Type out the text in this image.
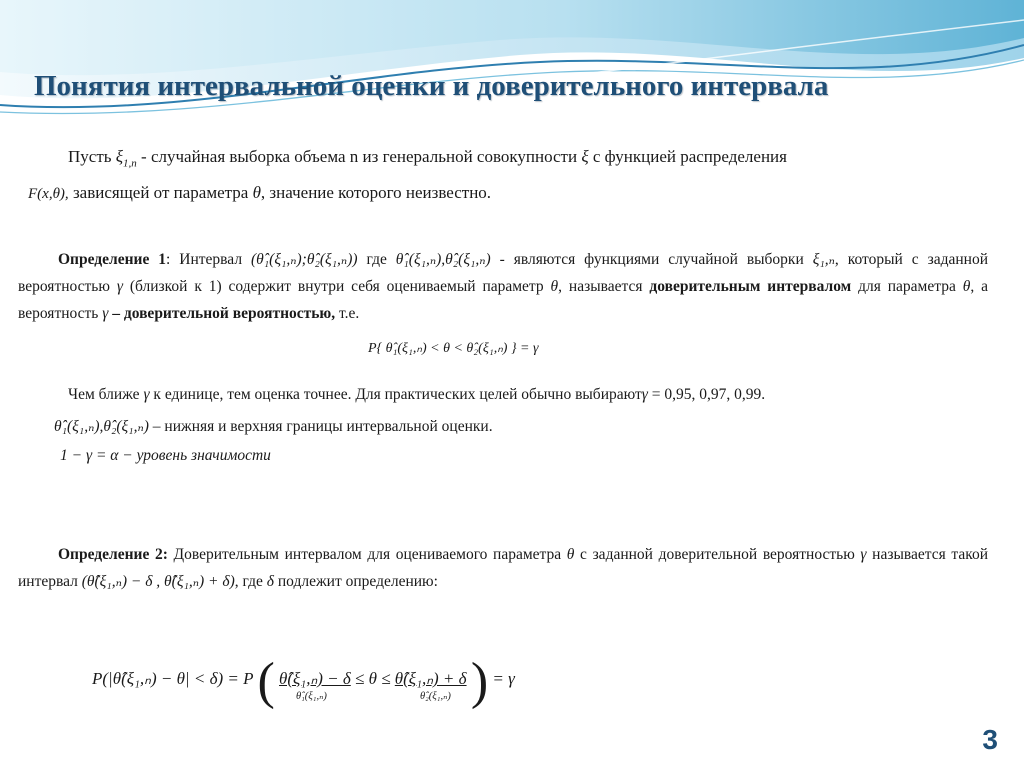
Понятия интервальной оценки и доверительного интервала
Пусть $\xi_{1,n}$ - случайная выборка объема n из генеральной совокупности ξ с функцией распределения
F(x,θ), зависящей от параметра θ, значение которого неизвестно.
Определение 1: Интервал (θ̂₁(ξ₁,ₙ);θ̂₂(ξ₁,ₙ)) где θ̂₁(ξ₁,ₙ),θ̂₂(ξ₁,ₙ) - являются функциями случайной выборки ξ₁,ₙ, который с заданной вероятностью γ (близкой к 1) содержит внутри себя оцениваемый параметр θ, называется доверительным интервалом для параметра θ, а вероятность γ – доверительной вероятностью, т.е.
P{ θ̂₁(ξ₁,ₙ) < θ < θ̂₂(ξ₁,ₙ) } = γ
Чем ближе γ к единице, тем оценка точнее. Для практических целей обычно выбираютγ = 0,95, 0,97, 0,99.
θ̂₁(ξ₁,ₙ),θ̂₂(ξ₁,ₙ) – нижняя и верхняя границы интервальной оценки.
1 − γ = α − уровень значимости
Определение 2: Доверительным интервалом для оцениваемого параметра θ с заданной доверительной вероятностью γ называется такой интервал (θ̂(ξ₁,ₙ) − δ , θ̂(ξ₁,ₙ) + δ), где δ подлежит определению:
P(|θ̂(ξ₁,ₙ) − θ| < δ) = P ( θ̂(ξ₁,ₙ) − δ ≤ θ ≤ θ̂(ξ₁,ₙ) + δ ) = γ
θ̂₁(ξ₁,ₙ)	θ̂₂(ξ₁,ₙ)
3
